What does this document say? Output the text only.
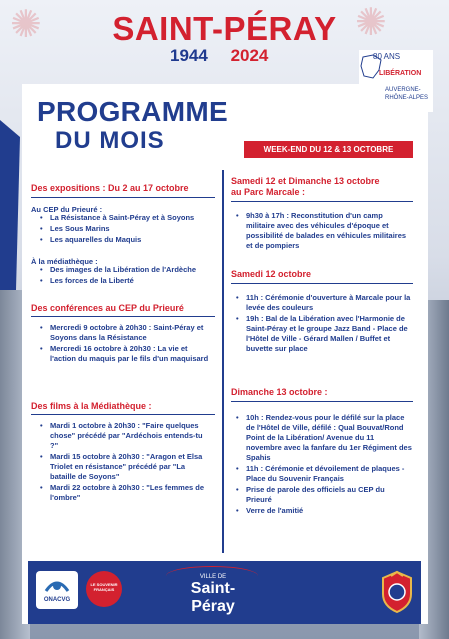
✺	✺
SAINT-PÉRAY
1944 2024	80 ANS
LIBÉRATION
AUVERGNE-
RHÔNE-ALPES
PROGRAMME
DU MOIS	WEEK-END DU 12 & 13 OCTOBRE
Des expositions : Du 2 au 17 octobre
Au CEP du Prieuré :
• La Résistance à Saint-Péray et à Soyons
• Les Sous Marins
• Les aquarelles du Maquis
À la médiathèque :
• Des images de la Libération de l'Ardèche
• Les forces de la Liberté
Des conférences au CEP du Prieuré
• Mercredi 9 octobre à 20h30 : Saint-Péray et Soyons dans la Résistance
• Mercredi 16 octobre à 20h30 : La vie et l'action du maquis par le fils d'un maquisard
Des films à la Médiathèque :
• Mardi 1 octobre à 20h30 : "Faire quelques chose" précédé par "Ardéchois entends-tu ?"
• Mardi 15 octobre à 20h30 : "Aragon et Elsa Triolet en résistance" précédé par "La bataille de Soyons"
• Mardi 22 octobre à 20h30 : "Les femmes de l'ombre"
Samedi 12 et Dimanche 13 octobre
au Parc Marcale :
• 9h30 à 17h : Reconstitution d'un camp militaire avec des véhicules d'époque et possibilité de balades en véhicules militaires et de pompiers
Samedi 12 octobre
• 11h : Cérémonie d'ouverture à Marcale pour la levée des couleurs
• 19h : Bal de la Libération avec l'Harmonie de Saint-Péray et le groupe Jazz Band - Place de l'Hôtel de Ville - Gérard Mallen / Buffet et buvette sur place
Dimanche 13 octobre :
• 10h : Rendez-vous pour le défilé sur la place de l'Hôtel de Ville, défilé : Qual Bouvat/Rond Point de la Libération/ Avenue du 11 novembre avec la fanfare du 1er Régiment des Spahis
• 11h : Cérémonie et dévoilement de plaques - Place du Souvenir Français
• Prise de parole des officiels au CEP du Prieuré
• Verre de l'amitié
ONACVG
LE SOUVENIR FRANÇAIS
VILLE DE
Saint-Péray
